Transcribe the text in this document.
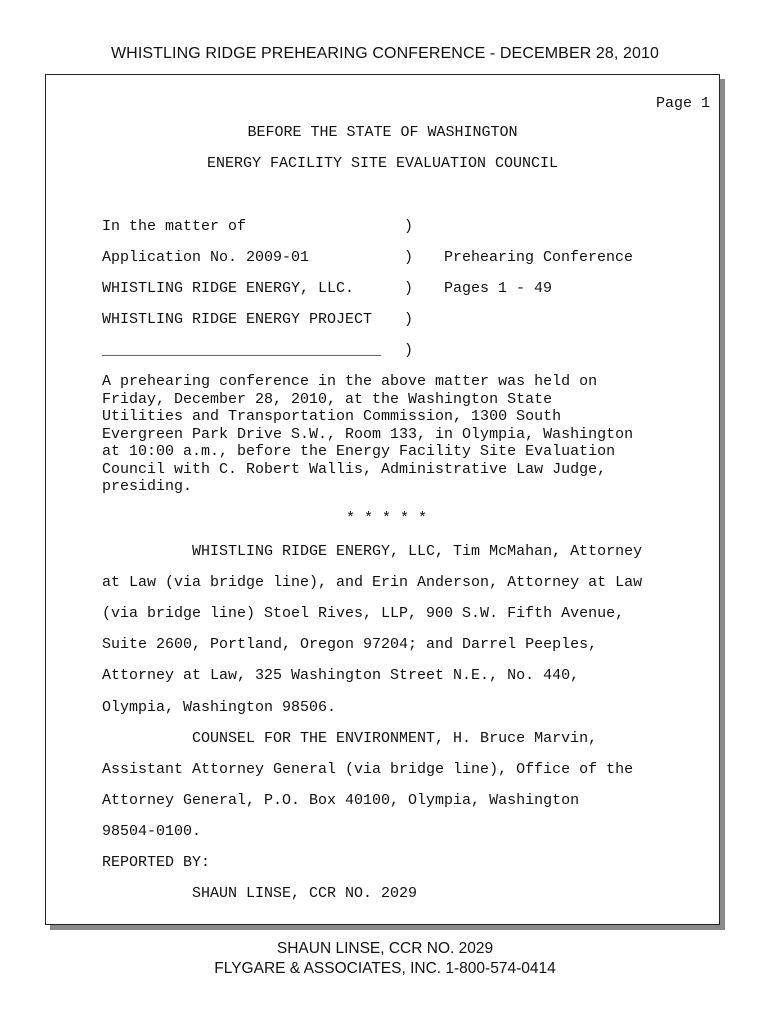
WHISTLING RIDGE PREHEARING CONFERENCE - DECEMBER 28, 2010
Page 1
BEFORE THE STATE OF WASHINGTON
ENERGY FACILITY SITE EVALUATION COUNCIL
In the matter of	)
Application No. 2009-01	) Prehearing Conference
WHISTLING RIDGE ENERGY, LLC.	) Pages 1 - 49
WHISTLING RIDGE ENERGY PROJECT )
_______________________________ )
A prehearing conference in the above matter was held on
Friday, December 28, 2010, at the Washington State
Utilities and Transportation Commission, 1300 South
Evergreen Park Drive S.W., Room 133, in Olympia, Washington
at 10:00 a.m., before the Energy Facility Site Evaluation
Council with C. Robert Wallis, Administrative Law Judge,
presiding.
* * * * *
WHISTLING RIDGE ENERGY, LLC, Tim McMahan, Attorney
at Law (via bridge line), and Erin Anderson, Attorney at Law
(via bridge line) Stoel Rives, LLP, 900 S.W. Fifth Avenue,
Suite 2600, Portland, Oregon 97204; and Darrel Peeples,
Attorney at Law, 325 Washington Street N.E., No. 440,
Olympia, Washington 98506.
COUNSEL FOR THE ENVIRONMENT, H. Bruce Marvin,
Assistant Attorney General (via bridge line), Office of the
Attorney General, P.O. Box 40100, Olympia, Washington
98504-0100.
REPORTED BY:
SHAUN LINSE, CCR NO. 2029
SHAUN LINSE, CCR NO. 2029
FLYGARE & ASSOCIATES, INC. 1-800-574-0414
